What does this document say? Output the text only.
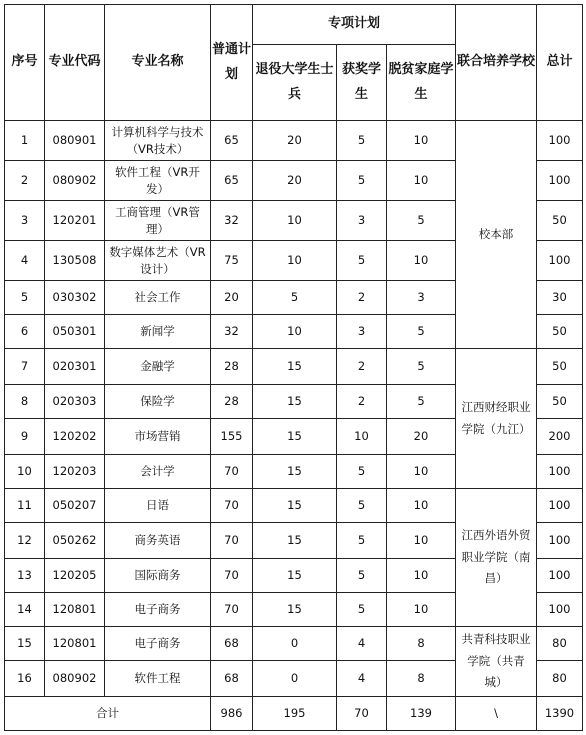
序号	专业代码	专业名称	普通计划	专项计划			联合培养学校	总计
				退役大学生士兵	获奖学生	脱贫家庭学生		
1	080901	计算机科学与技术（VR技术）	65	20	5	10	校本部	100
2	080902	软件工程（VR开发）	65	20	5	10		100
3	120201	工商管理（VR管理）	32	10	3	5		50
4	130508	数字媒体艺术（VR设计）	75	10	5	10		100
5	030302	社会工作	20	5	2	3		30
6	050301	新闻学	32	10	3	5		50
7	020301	金融学	28	15	2	5	江西财经职业学院（九江）	50
8	020303	保险学	28	15	2	5		50
9	120202	市场营销	155	15	10	20		200
10	120203	会计学	70	15	5	10		100
11	050207	日语	70	15	5	10	江西外语外贸职业学院（南昌）	100
12	050262	商务英语	70	15	5	10		100
13	120205	国际商务	70	15	5	10		100
14	120801	电子商务	70	15	5	10		100
15	120801	电子商务	68	0	4	8	共青科技职业学院（共青城）	80
16	080902	软件工程	68	0	4	8		80
合计			986	195	70	139	\	1390
